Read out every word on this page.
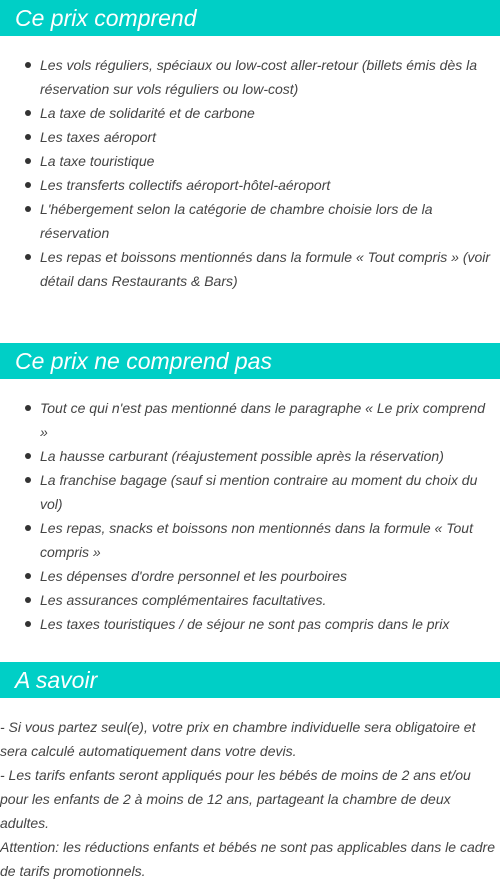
Ce prix comprend
Les vols réguliers, spéciaux ou low-cost aller-retour (billets émis dès la réservation sur vols réguliers ou low-cost)
La taxe de solidarité et de carbone
Les taxes aéroport
La taxe touristique
Les transferts collectifs aéroport-hôtel-aéroport
L'hébergement selon la catégorie de chambre choisie lors de la réservation
Les repas et boissons mentionnés dans la formule « Tout compris » (voir détail dans Restaurants & Bars)
Ce prix ne comprend pas
Tout ce qui n'est pas mentionné dans le paragraphe « Le prix comprend »
La hausse carburant (réajustement possible après la réservation)
La franchise bagage (sauf si mention contraire au moment du choix du vol)
Les repas, snacks et boissons non mentionnés dans la formule « Tout compris »
Les dépenses d'ordre personnel et les pourboires
Les assurances complémentaires facultatives.
Les taxes touristiques / de séjour ne sont pas compris dans le prix
A savoir

- Si vous partez seul(e), votre prix en chambre individuelle sera obligatoire et sera calculé automatiquement dans votre devis.

- Les tarifs enfants seront appliqués pour les bébés de moins de 2 ans et/ou pour les enfants de 2 à moins de 12 ans, partageant la chambre de deux adultes.

Attention: les réductions enfants et bébés ne sont pas applicables dans le cadre de tarifs promotionnels.
